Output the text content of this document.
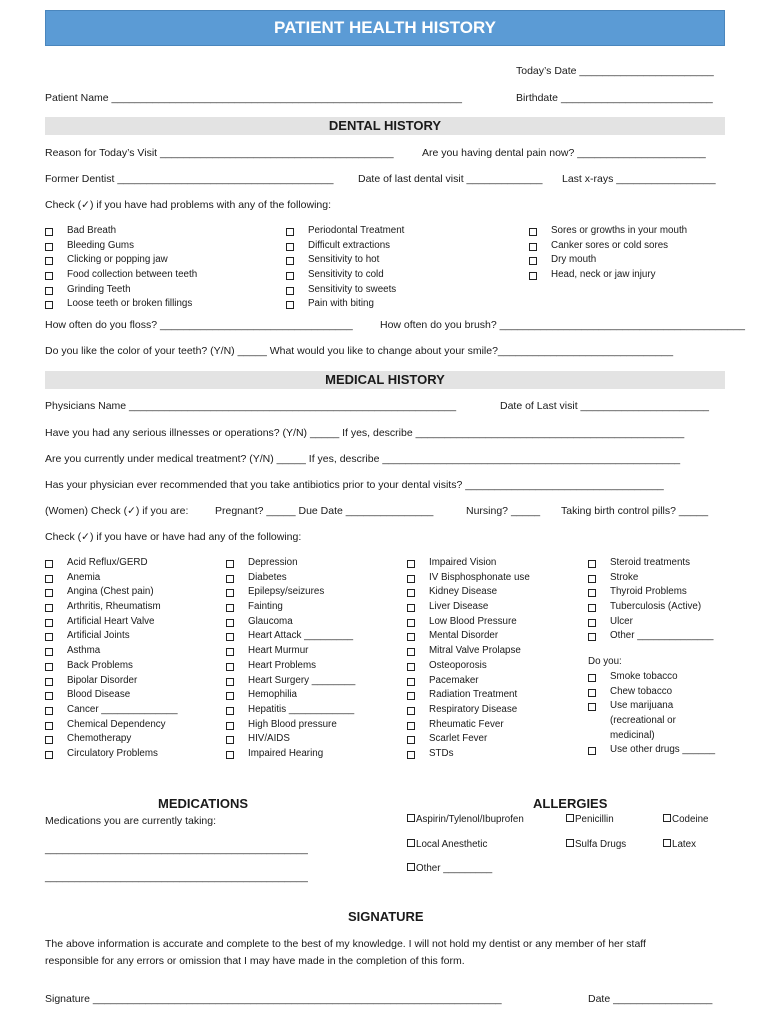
PATIENT HEALTH HISTORY
Today’s Date _______________________
Patient Name ____________________________________________________________	Birthdate __________________________
DENTAL HISTORY
Reason for Today’s Visit ________________________________________	Are you having dental pain now? ______________________
Former Dentist _____________________________________ Date of last dental visit _____________ Last x-rays _________________
Check (✓) if you have had problems with any of the following:
Bad Breath
Bleeding Gums
Clicking or popping jaw
Food collection between teeth
Grinding Teeth
Loose teeth or broken fillings
Periodontal Treatment
Difficult extractions
Sensitivity to hot
Sensitivity to cold
Sensitivity to sweets
Pain with biting
Sores or growths in your mouth
Canker sores or cold sores
Dry mouth
Head, neck or jaw injury
How often do you floss? _________________________________	How often do you brush? __________________________________________
Do you like the color of your teeth? (Y/N) _____ What would you like to change about your smile?______________________________
MEDICAL HISTORY
Physicians Name ________________________________________________________	Date of Last visit ______________________
Have you had any serious illnesses or operations? (Y/N) _____ If yes, describe ______________________________________________
Are you currently under medical treatment? (Y/N) _____ If yes, describe ___________________________________________________
Has your physician ever recommended that you take antibiotics prior to your dental visits? __________________________________
(Women) Check (✓) if you are:	Pregnant? _____ Due Date _______________	Nursing? _____ Taking birth control pills? _____
Check (✓) if you have or have had any of the following:
Acid Reflux/GERD
Anemia
Angina (Chest pain)
Arthritis, Rheumatism
Artificial Heart Valve
Artificial Joints
Asthma
Back Problems
Bipolar Disorder
Blood Disease
Cancer ______________
Chemical Dependency
Chemotherapy
Circulatory Problems
Depression
Diabetes
Epilepsy/seizures
Fainting
Glaucoma
Heart Attack _________
Heart Murmur
Heart Problems
Heart Surgery ________
Hemophilia
Hepatitis ____________
High Blood pressure
HIV/AIDS
Impaired Hearing
Impaired Vision
IV Bisphosphonate use
Kidney Disease
Liver Disease
Low Blood Pressure
Mental Disorder
Mitral Valve Prolapse
Osteoporosis
Pacemaker
Radiation Treatment
Respiratory Disease
Rheumatic Fever
Scarlet Fever
STDs
Steroid treatments
Stroke
Thyroid Problems
Tuberculosis (Active)
Ulcer
Other ______________
Do you:
Smoke tobacco
Chew tobacco
Use marijuana
(recreational or
medicinal)
Use other drugs ______
MEDICATIONS
Medications you are currently taking:
_____________________________________________
_____________________________________________
ALLERGIES
Aspirin/Tylenol/Ibuprofen	Penicillin	Codeine
Local Anesthetic	Sulfa Drugs	Latex
Other _________
SIGNATURE
The above information is accurate and complete to the best of my knowledge. I will not hold my dentist or any member of her staff
responsible for any errors or omission that I may have made in the completion of this form.
Signature ______________________________________________________________________	Date _________________
